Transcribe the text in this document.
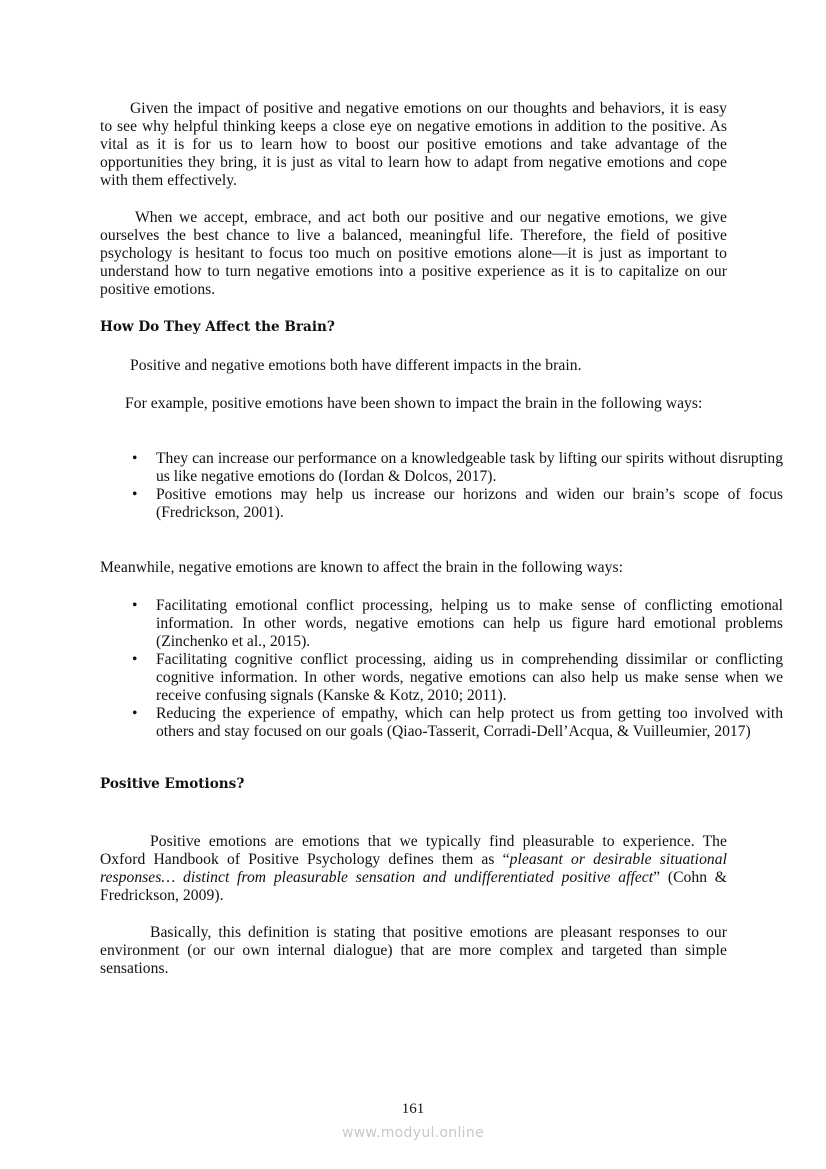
Given the impact of positive and negative emotions on our thoughts and behaviors, it is easy to see why helpful thinking keeps a close eye on negative emotions in addition to the positive. As vital as it is for us to learn how to boost our positive emotions and take advantage of the opportunities they bring, it is just as vital to learn how to adapt from negative emotions and cope with them effectively.

When we accept, embrace, and act both our positive and our negative emotions, we give ourselves the best chance to live a balanced, meaningful life. Therefore, the field of positive psychology is hesitant to focus too much on positive emotions alone—it is just as important to understand how to turn negative emotions into a positive experience as it is to capitalize on our positive emotions.

How Do They Affect the Brain?

Positive and negative emotions both have different impacts in the brain.

For example, positive emotions have been shown to impact the brain in the following ways:

• They can increase our performance on a knowledgeable task by lifting our spirits without disrupting us like negative emotions do (Iordan & Dolcos, 2017).
• Positive emotions may help us increase our horizons and widen our brain’s scope of focus (Fredrickson, 2001).

Meanwhile, negative emotions are known to affect the brain in the following ways:

• Facilitating emotional conflict processing, helping us to make sense of conflicting emotional information. In other words, negative emotions can help us figure hard emotional problems (Zinchenko et al., 2015).
• Facilitating cognitive conflict processing, aiding us in comprehending dissimilar or conflicting cognitive information. In other words, negative emotions can also help us make sense when we receive confusing signals (Kanske & Kotz, 2010; 2011).
• Reducing the experience of empathy, which can help protect us from getting too involved with others and stay focused on our goals (Qiao-Tasserit, Corradi-Dell’Acqua, & Vuilleumier, 2017)
Positive Emotions?

Positive emotions are emotions that we typically find pleasurable to experience. The Oxford Handbook of Positive Psychology defines them as “pleasant or desirable situational responses… distinct from pleasurable sensation and undifferentiated positive affect” (Cohn & Fredrickson, 2009).

Basically, this definition is stating that positive emotions are pleasant responses to our environment (or our own internal dialogue) that are more complex and targeted than simple sensations.

161
www.modyul.online
